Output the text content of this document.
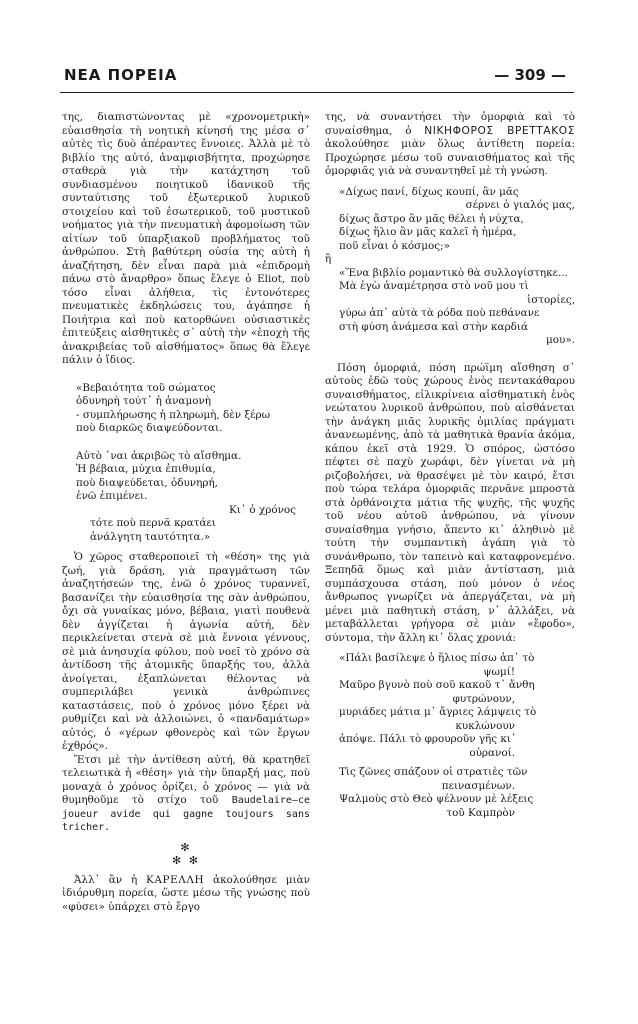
ΝΕΑ ΠΟΡΕΙΑ	— 309 —

της, διαπιστώνοντας μὲ «χρονομετρικὴ» εὐαισθησία τὴ νοητικὴ κίνησή της μέσα σ᾿ αὐτὲς τὶς δυὸ ἀπέραντες ἔννοιες. Ἀλλὰ μὲ τὸ βιβλίο της αὐτό, ἀναμφισβήτητα, προχώρησε σταθερὰ γιὰ τὴν κατάχτηση τοῦ συνδιασμένου ποιητικοῦ ἰδανικοῦ τῆς συνταύτισης τοῦ ἐξωτερικοῦ λυρικοῦ στοιχείου καὶ τοῦ ἐσωτερικοῦ, τοῦ μυστικοῦ νοήματος γιὰ τὴν πνευματικὴ ἀφομοίωση τῶν αἰτίων τοῦ ὑπαρξιακοῦ προβλήματος τοῦ ἀνθρώπου. Στὴ βαθύτερη οὐσία της αὐτὴ ἡ ἀναζήτηση, δὲν εἶναι παρὰ μιὰ «ἐπιδρομὴ πάνω στὸ ἄναρθρο» ὅπως ἔλεγε ὁ Eliot, ποὺ τόσο εἶναι ἀλήθεια, τὶς ἐντονότερες πνευματικὲς ἐκδηλώσεις του, ἀγάπησε ἡ Ποιήτρια καὶ ποὺ κατορθώνει οὐσιαστικὲς ἐπιτεύξεις αἰσθητικὲς σ᾿ αὐτὴ τὴν «ἐποχὴ τῆς ἀνακριβείας τοῦ αἰσθήματος» ὅπως θὰ ἔλεγε πάλιν ὁ ἴδιος.

«Βεβαιότητα τοῦ σώματος
ὀδυνηρὴ τούτ᾿ ἡ ἀναμονὴ
- συμπλήρωσης ἡ πληρωμὴ, δὲν ξέρω
ποὺ διαρκῶς διαψεύδονται.
Αὐτὸ ᾿ναι ἀκριβῶς τὸ αἴσθημα.
Ἡ βέβαια, μύχια ἐπιθυμία,
ποὺ διαψεύδεται, ὀδυνηρή,
ἐνῶ ἐπιμένει.
Κι᾿ ὁ χρόνος
τότε ποὺ περνᾶ κρατάει
ἀνάλγητη ταυτότητα.»

Ὁ χῶρος σταθεροποιεῖ τὴ «θέση» της γιὰ ζωή, γιὰ δράση, γιὰ πραγμάτωση τῶν ἀναζητήσεών της, ἐνῶ ὁ χρόνος τυραννεῖ, βασανίζει τὴν εὐαισθησία της σὰν ἀνθρώπου, ὄχι σὰ γυναίκας μόνο, βέβαια, γιατὶ πουθενὰ δὲν ἀγγίζεται ἡ ἀγωνία αὐτή, δὲν περικλείνεται στενὰ σὲ μιὰ ἔννοια γέννους, σὲ μιὰ ἀνησυχία φύλου, ποὺ νοεῖ τὸ χρόνο σὰ ἀντίδοση τῆς ἀτομικῆς ὕπαρξής του, ἀλλὰ ἀνοίγεται, ἐξαπλώνεται θέλοντας νὰ συμπεριλάβει γενικὰ ἀνθρώπινες καταστάσεις, ποὺ ὁ χρόνος μόνο ξέρει νὰ ρυθμίζει καὶ νὰ ἀλλοιώνει, ὁ «πανδαμάτωρ» αὐτός, ὁ «γέρων φθονερὸς καὶ τῶν ἔργων ἐχθρός».

Ἔτσι μὲ τὴν ἀντίθεση αὐτή, θὰ κρατηθεῖ τελειωτικὰ ἡ «θέση» γιὰ τὴν ὕπαρξή μας, ποὺ μοναχὰ ὁ χρόνος ὁρίζει, ὁ χρόνος — γιὰ νὰ θυμηθοῦμε τὸ στίχο τοῦ Baudelaire—ce joueur avide qui gagne toujours sans tricher.

✻
✻ ✻

Ἀλλ᾿ ἂν ἡ ΚΑΡΕΛΛΗ ἀκολούθησε μιὰν ἰδιόρυθμη πορεία, ὥστε μέσω τῆς γνώσης ποὺ «φύσει» ὑπάρχει στὸ ἔργο

της, νὰ συναντήσει τὴν ὀμορφιὰ καὶ τὸ συναίσθημα, ὁ ΝΙΚΗΦΟΡΟΣ ΒΡΕΤΤΑΚΟΣ ἀκολούθησε μιὰν ὅλως ἀντίθετη πορεία: Προχώρησε μέσω τοῦ συναισθήματος καὶ τῆς ὀμορφιᾶς γιὰ νὰ συναντηθεῖ μὲ τὴ γνώση.

«Δίχως πανί, δίχως κουπί, ἂν μᾶς
σέρνει ὁ γιαλός μας,
δίχως ἄστρο ἂν μᾶς θέλει ἡ νύχτα,
δίχως ἥλιο ἂν μᾶς καλεῖ ἡ ἡμέρα,
ποῦ εἶναι ὁ κόσμος;»
ἢ
«Ἕνα βιβλίο ρομαντικὸ θὰ συλλογίστηκε...
Μὰ ἐγὼ ἀναμέτρησα στὸ νοῦ μου τὶ
ἱστορίες,
γύρω ἀπ᾿ αὐτὰ τὰ ρόδα ποὺ πεθάνανε
στὴ φύση ἀνάμεσα καὶ στὴν καρδιά
μου».

Πόση ὀμορφιά, πόση πρώϊμη αἴσθηση σ᾿ αὐτοὺς ἐδῶ τοὺς χώρους ἑνὸς πεντακάθαρου συναισθήματος, εἰλικρίνεια αἰσθηματικὴ ἑνὸς νεώτατου λυρικοῦ ἀνθρώπου, ποὺ αἰσθάνεται τὴν ἀνάγκη μιᾶς λυρικῆς ὁμιλίας πράγματι ἀνανεωμένης, ἀπὸ τὰ μαθητικὰ θρανία ἀκόμα, κάπου ἐκεῖ στὰ 1929. Ὁ σπόρος, ὡστόσο πέφτει σὲ παχὺ χωράφι, δὲν γίνεται νὰ μὴ ριζοβολήσει, νὰ θρασέψει μὲ τὸν καιρό, ἔτσι ποὺ τώρα τελάρα ὀμορφιᾶς περνᾶνε μπροστὰ στὰ ὀρθάνοιχτα μάτια τῆς ψυχῆς, τῆς ψυχῆς τοῦ νέου αὐτοῦ ἀνθρώπου, νὰ γίνουν συναίσθημα γνήσιο, ἄπεντο κι᾿ ἀληθινὸ μὲ τούτη τὴν συμπαντικὴ ἀγάπη γιὰ τὸ συνάνθρωπο, τὸν ταπεινὸ καὶ καταφρονεμένο. Ξεπηδᾶ ὅμως καὶ μιὰν ἀντίσταση, μιὰ συμπάσχουσα στάση, ποὺ μόνον ὁ νέος ἄνθρωπος γνωρίζει νὰ ἀπεργάζεται, νὰ μὴ μένει μιὰ παθητικὴ στάση, ν᾿ ἀλλάξει, νὰ μεταβάλλεται γρήγορα σὲ μιὰν «ἔφοδο», σύντομα, τὴν ἄλλη κι᾿ ὅλας χρονιά:

«Πάλι βασίλεψε ὁ ἥλιος πίσω ἀπ᾿ τὸ
ψωμί!
Μαῦρο βγυνὸ ποὺ σοῦ κακοῦ τ᾿ ἄνθη
φυτρώνουν,
μυριάδες μάτια μ᾿ ἄγριες λάμψεις τὸ
κυκλώνουν
ἀπόψε. Πάλι τὸ φρουροῦν γῆς κι᾿
οὐρανοί.
Τὶς ζῶνες σπάζουν οἱ στρατιὲς τῶν
πεινασμένων.
Ψαλμοὺς στὸ Θεὸ ψέλνουν μὲ λέξεις
τοῦ Καμπρὸν
